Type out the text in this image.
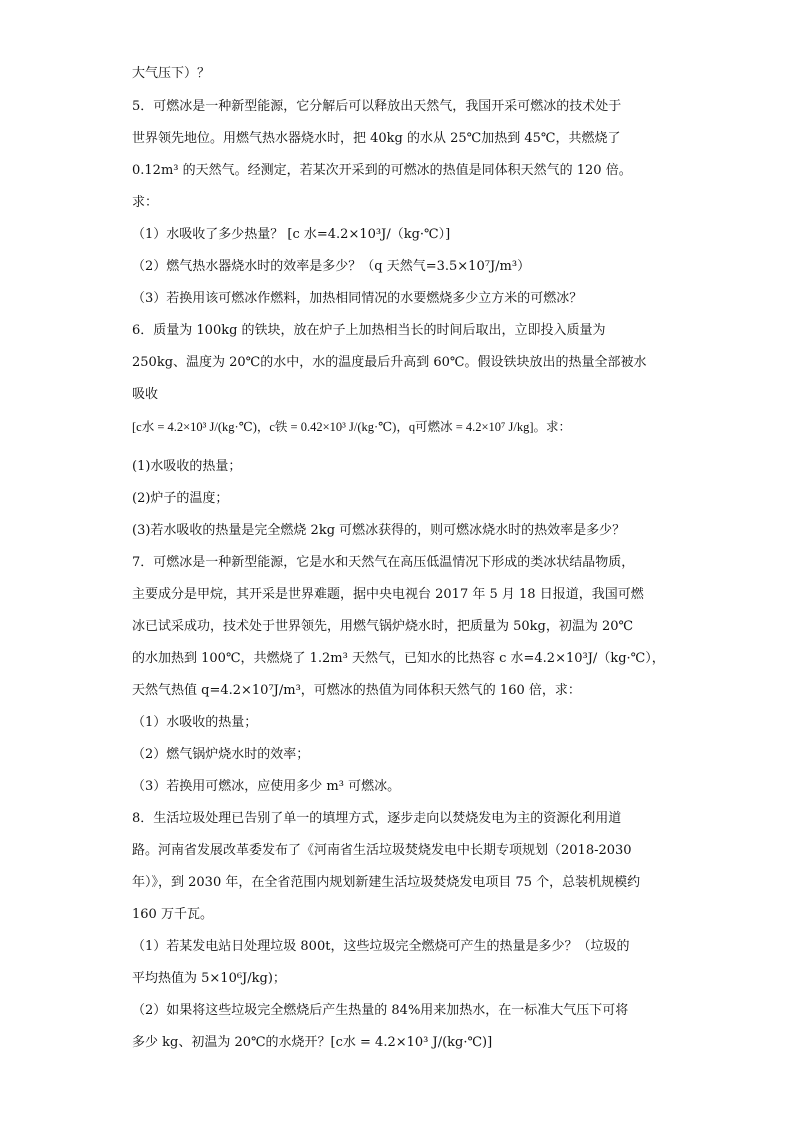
大气压下）？
5．可燃冰是一种新型能源，它分解后可以释放出天然气，我国开采可燃冰的技术处于
世界领先地位。用燃气热水器烧水时，把 40kg 的水从 25℃加热到 45℃，共燃烧了
0.12m³ 的天然气。经测定，若某次开采到的可燃冰的热值是同体积天然气的 120 倍。
求：
（1）水吸收了多少热量？ [c 水=4.2×10³J/（kg·℃）]
（2）燃气热水器烧水时的效率是多少？（q 天然气=3.5×10⁷J/m³）
（3）若换用该可燃冰作燃料，加热相同情况的水要燃烧多少立方米的可燃冰？
6．质量为 100kg 的铁块，放在炉子上加热相当长的时间后取出，立即投入质量为
250kg、温度为 20℃的水中，水的温度最后升高到 60℃。假设铁块放出的热量全部被水
吸收
[c水 = 4.2×10³ J/(kg·℃)，c铁 = 0.42×10³ J/(kg·℃)，q可燃冰 = 4.2×10⁷ J/kg]。求：
(1)水吸收的热量；
(2)炉子的温度；
(3)若水吸收的热量是完全燃烧 2kg 可燃冰获得的，则可燃冰烧水时的热效率是多少？
7．可燃冰是一种新型能源，它是水和天然气在高压低温情况下形成的类冰状结晶物质，
主要成分是甲烷，其开采是世界难题，据中央电视台 2017 年 5 月 18 日报道，我国可燃
冰已试采成功，技术处于世界领先，用燃气锅炉烧水时，把质量为 50kg，初温为 20℃
的水加热到 100℃，共燃烧了 1.2m³ 天然气，已知水的比热容 c 水=4.2×10³J/（kg·℃），
天然气热值 q=4.2×10⁷J/m³，可燃冰的热值为同体积天然气的 160 倍，求：
（1）水吸收的热量；
（2）燃气锅炉烧水时的效率；
（3）若换用可燃冰，应使用多少 m³ 可燃冰。
8．生活垃圾处理已告别了单一的填埋方式，逐步走向以焚烧发电为主的资源化利用道
路。河南省发展改革委发布了《河南省生活垃圾焚烧发电中长期专项规划（2018-2030
年）》，到 2030 年，在全省范围内规划新建生活垃圾焚烧发电项目 75 个，总装机规模约
160 万千瓦。
（1）若某发电站日处理垃圾 800t，这些垃圾完全燃烧可产生的热量是多少？（垃圾的
平均热值为 5×10⁶J/kg)；
（2）如果将这些垃圾完全燃烧后产生热量的 84%用来加热水，在一标准大气压下可将
多少 kg、初温为 20℃的水烧开？[c水 = 4.2×10³ J/(kg·℃)]
